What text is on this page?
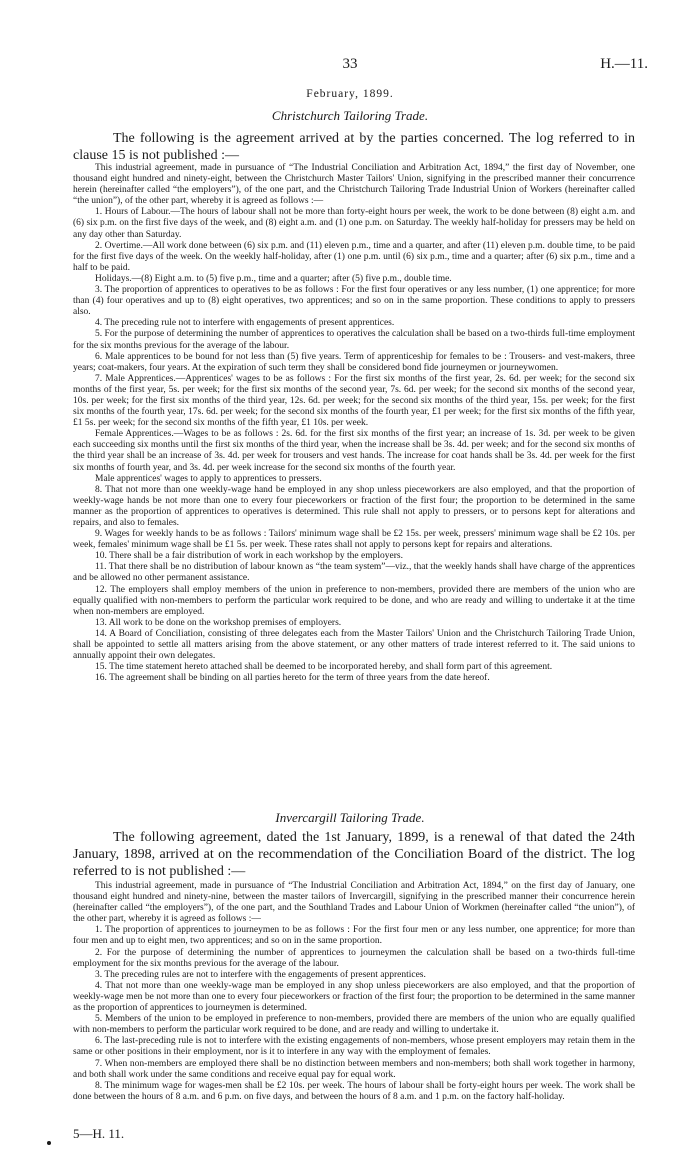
33	H.—11.
February, 1899.
Christchurch Tailoring Trade.
The following is the agreement arrived at by the parties concerned. The log referred to in clause 15 is not published :—

This industrial agreement, made in pursuance of “The Industrial Conciliation and Arbitration Act, 1894,” the first day of November, one thousand eight hundred and ninety-eight, between the Christchurch Master Tailors' Union, signifying in the prescribed manner their concurrence herein (hereinafter called “the employers”), of the one part, and the Christchurch Tailoring Trade Industrial Union of Workers (hereinafter called “the union”), of the other part, whereby it is agreed as follows :—

1. Hours of Labour.—The hours of labour shall not be more than forty-eight hours per week, the work to be done between (8) eight a.m. and (6) six p.m. on the first five days of the week, and (8) eight a.m. and (1) one p.m. on Saturday. The weekly half-holiday for pressers may be held on any day other than Saturday.

2. Overtime.—All work done between (6) six p.m. and (11) eleven p.m., time and a quarter, and after (11) eleven p.m. double time, to be paid for the first five days of the week. On the weekly half-holiday, after (1) one p.m. until (6) six p.m., time and a quarter; after (6) six p.m., time and a half to be paid.

Holidays.—(8) Eight a.m. to (5) five p.m., time and a quarter; after (5) five p.m., double time.

3. The proportion of apprentices to operatives to be as follows : For the first four operatives or any less number, (1) one apprentice; for more than (4) four operatives and up to (8) eight operatives, two apprentices; and so on in the same proportion. These conditions to apply to pressers also.

4. The preceding rule not to interfere with engagements of present apprentices.

5. For the purpose of determining the number of apprentices to operatives the calculation shall be based on a two-thirds full-time employment for the six months previous for the average of the labour.

6. Male apprentices to be bound for not less than (5) five years. Term of apprenticeship for females to be : Trousers- and vest-makers, three years; coat-makers, four years. At the expiration of such term they shall be considered bond fide journeymen or journeywomen.

7. Male Apprentices.—Apprentices' wages to be as follows : For the first six months of the first year, 2s. 6d. per week; for the second six months of the first year, 5s. per week; for the first six months of the second year, 7s. 6d. per week; for the second six months of the second year, 10s. per week; for the first six months of the third year, 12s. 6d. per week; for the second six months of the third year, 15s. per week; for the first six months of the fourth year, 17s. 6d. per week; for the second six months of the fourth year, £1 per week; for the first six months of the fifth year, £1 5s. per week; for the second six months of the fifth year, £1 10s. per week.

Female Apprentices.—Wages to be as follows : 2s. 6d. for the first six months of the first year; an increase of 1s. 3d. per week to be given each succeeding six months until the first six months of the third year, when the increase shall be 3s. 4d. per week; and for the second six months of the third year shall be an increase of 3s. 4d. per week for trousers and vest hands. The increase for coat hands shall be 3s. 4d. per week for the first six months of fourth year, and 3s. 4d. per week increase for the second six months of the fourth year.

Male apprentices' wages to apply to apprentices to pressers.

8. That not more than one weekly-wage hand be employed in any shop unless pieceworkers are also employed, and that the proportion of weekly-wage hands be not more than one to every four pieceworkers or fraction of the first four; the proportion to be determined in the same manner as the proportion of apprentices to operatives is determined. This rule shall not apply to pressers, or to persons kept for alterations and repairs, and also to females.

9. Wages for weekly hands to be as follows : Tailors' minimum wage shall be £2 15s. per week, pressers' minimum wage shall be £2 10s. per week, females' minimum wage shall be £1 5s. per week. These rates shall not apply to persons kept for repairs and alterations.

10. There shall be a fair distribution of work in each workshop by the employers.

11. That there shall be no distribution of labour known as “the team system”—viz., that the weekly hands shall have charge of the apprentices and be allowed no other permanent assistance.

12. The employers shall employ members of the union in preference to non-members, provided there are members of the union who are equally qualified with non-members to perform the particular work required to be done, and who are ready and willing to undertake it at the time when non-members are employed.

13. All work to be done on the workshop premises of employers.

14. A Board of Conciliation, consisting of three delegates each from the Master Tailors' Union and the Christchurch Tailoring Trade Union, shall be appointed to settle all matters arising from the above statement, or any other matters of trade interest referred to it. The said unions to annually appoint their own delegates.

15. The time statement hereto attached shall be deemed to be incorporated hereby, and shall form part of this agreement.

16. The agreement shall be binding on all parties hereto for the term of three years from the date hereof.

Invercargill Tailoring Trade.
The following agreement, dated the 1st January, 1899, is a renewal of that dated the 24th January, 1898, arrived at on the recommendation of the Conciliation Board of the district. The log referred to is not published :—

This industrial agreement, made in pursuance of “The Industrial Conciliation and Arbitration Act, 1894,” on the first day of January, one thousand eight hundred and ninety-nine, between the master tailors of Invercargill, signifying in the prescribed manner their concurrence herein (hereinafter called “the employers”), of the one part, and the Southland Trades and Labour Union of Workmen (hereinafter called “the union”), of the other part, whereby it is agreed as follows :—

1. The proportion of apprentices to journeymen to be as follows : For the first four men or any less number, one apprentice; for more than four men and up to eight men, two apprentices; and so on in the same proportion.

2. For the purpose of determining the number of apprentices to journeymen the calculation shall be based on a two-thirds full-time employment for the six months previous for the average of the labour.

3. The preceding rules are not to interfere with the engagements of present apprentices.

4. That not more than one weekly-wage man be employed in any shop unless pieceworkers are also employed, and that the proportion of weekly-wage men be not more than one to every four pieceworkers or fraction of the first four; the proportion to be determined in the same manner as the proportion of apprentices to journeymen is determined.

5. Members of the union to be employed in preference to non-members, provided there are members of the union who are equally qualified with non-members to perform the particular work required to be done, and are ready and willing to undertake it.

6. The last-preceding rule is not to interfere with the existing engagements of non-members, whose present employers may retain them in the same or other positions in their employment, nor is it to interfere in any way with the employment of females.

7. When non-members are employed there shall be no distinction between members and non-members; both shall work together in harmony, and both shall work under the same conditions and receive equal pay for equal work.

8. The minimum wage for wages-men shall be £2 10s. per week. The hours of labour shall be forty-eight hours per week. The work shall be done between the hours of 8 a.m. and 6 p.m. on five days, and between the hours of 8 a.m. and 1 p.m. on the factory half-holiday.

5—H. 11.
